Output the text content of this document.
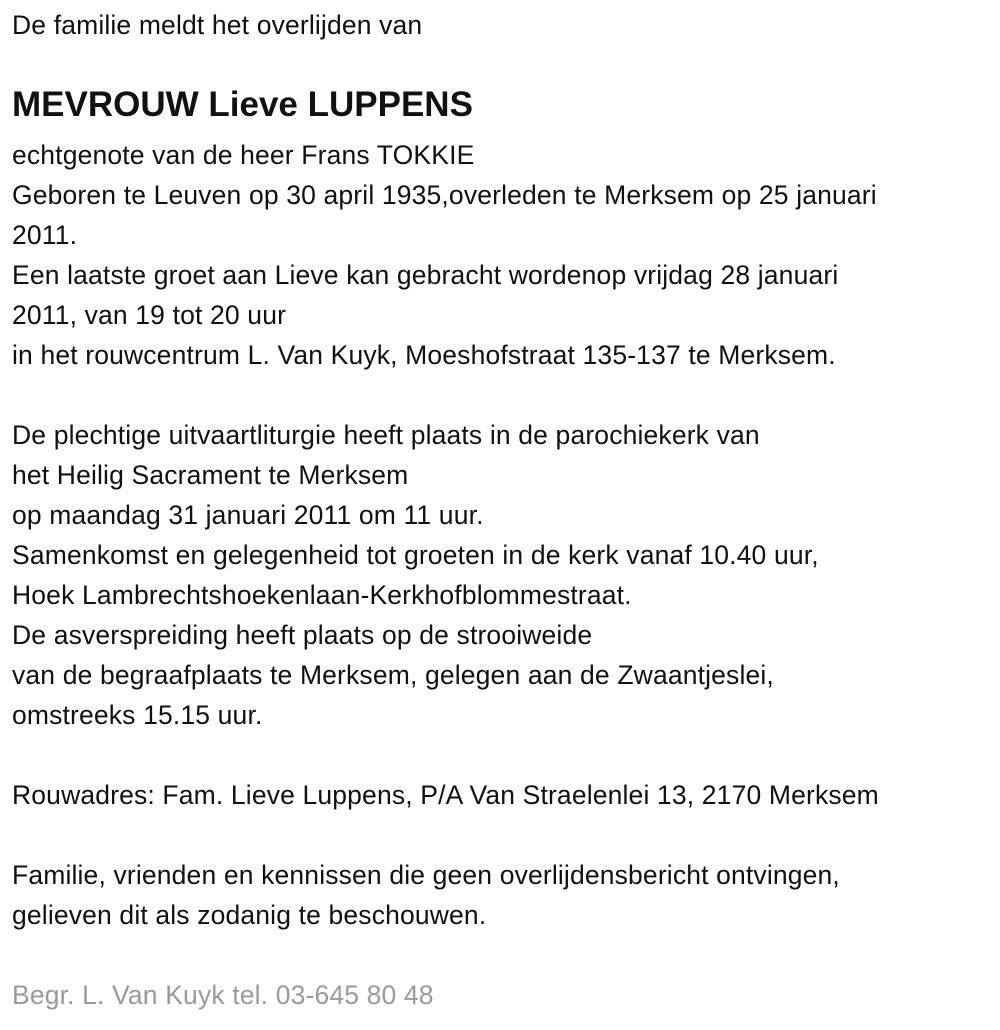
De familie meldt het overlijden van
MEVROUW Lieve LUPPENS
echtgenote van de heer Frans TOKKIE
Geboren te Leuven op 30 april 1935,overleden te Merksem op 25 januari
2011.
Een laatste groet aan Lieve kan gebracht wordenop vrijdag 28 januari
2011, van 19 tot 20 uur
in het rouwcentrum L. Van Kuyk, Moeshofstraat 135-137 te Merksem.
De plechtige uitvaartliturgie heeft plaats in de parochiekerk van
het Heilig Sacrament te Merksem
op maandag 31 januari 2011 om 11 uur.
Samenkomst en gelegenheid tot groeten in de kerk vanaf 10.40 uur,
Hoek Lambrechtshoekenlaan-Kerkhofblommestraat.
De asverspreiding heeft plaats op de strooiweide
van de begraafplaats te Merksem, gelegen aan de Zwaantjeslei,
omstreeks 15.15 uur.
Rouwadres: Fam. Lieve Luppens, P/A Van Straelenlei 13, 2170 Merksem
Familie, vrienden en kennissen die geen overlijdensbericht ontvingen,
gelieven dit als zodanig te beschouwen.
Begr. L. Van Kuyk tel. 03-645 80 48
